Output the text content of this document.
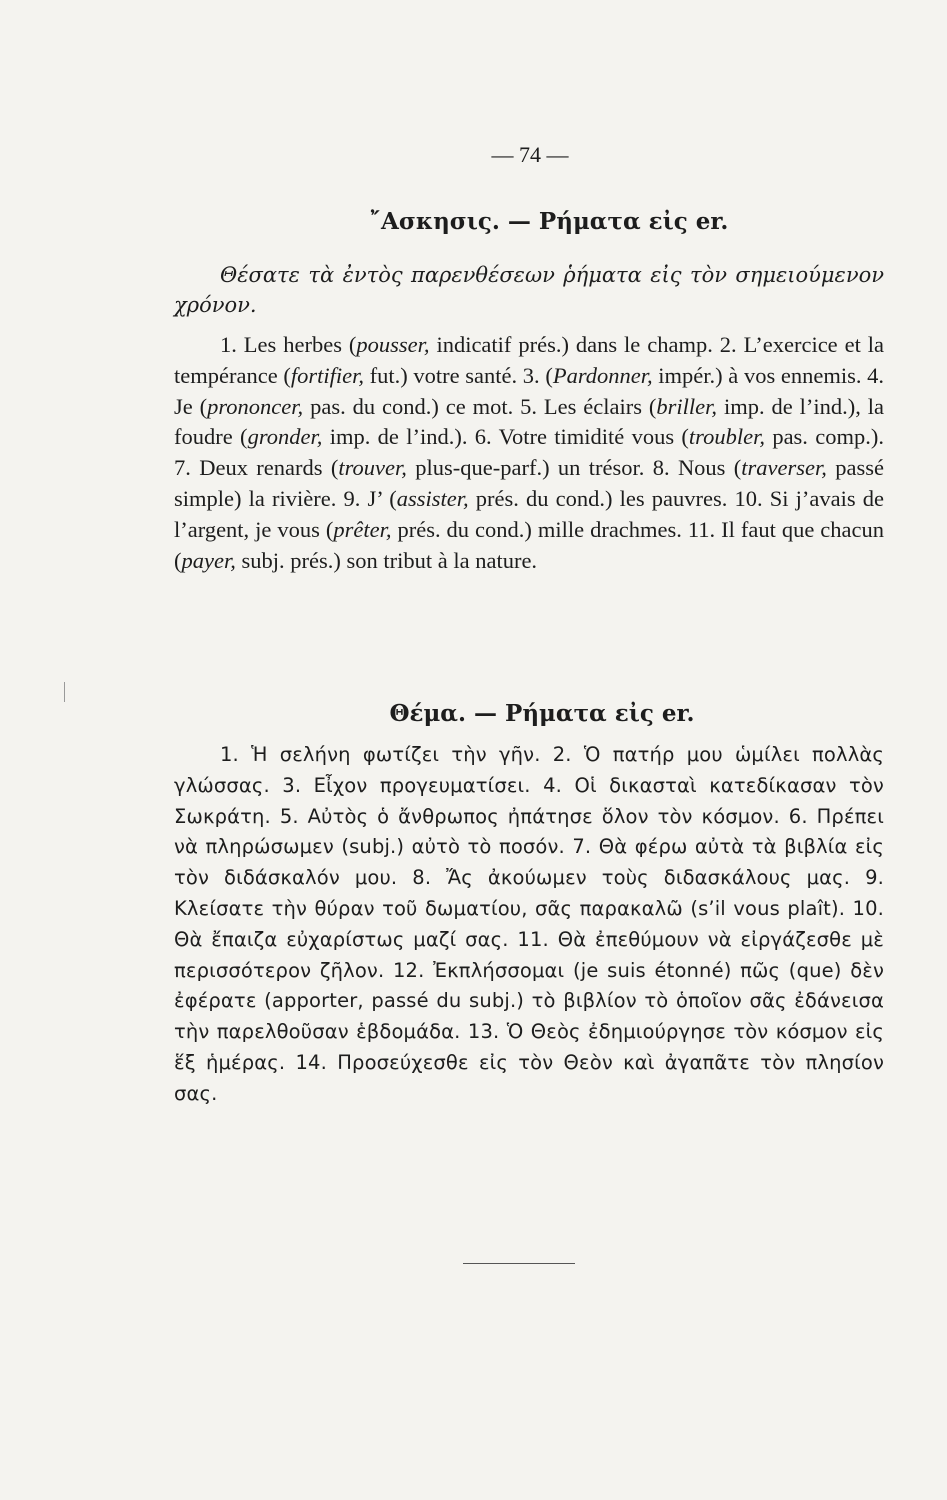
— 74 —
῎Ασκησις. — Ρήματα εἰς er.

Θέσατε τὰ ἐντὸς παρενθέσεων ῥήματα εἰς τὸν σημειούμενον χρόνον.

1. Les herbes (pousser, indicatif prés.) dans le champ. 2. L’exercice et la tempérance (fortifier, fut.) votre santé. 3. (Pardonner, impér.) à vos ennemis. 4. Je (prononcer, pas. du cond.) ce mot. 5. Les éclairs (briller, imp. de l’ind.), la foudre (gronder, imp. de l’ind.). 6. Votre timidité vous (troubler, pas. comp.). 7. Deux renards (trouver, plus-que-parf.) un trésor. 8. Nous (traverser, passé simple) la rivière. 9. J’ (assister, prés. du cond.) les pauvres. 10. Si j’avais de l’argent, je vous (prêter, prés. du cond.) mille drachmes. 11. Il faut que chacun (payer, subj. prés.) son tribut à la nature.

Θέμα. — Ρήματα εἰς er.

1. Ἡ σελήνη φωτίζει τὴν γῆν. 2. Ὁ πατήρ μου ὡμίλει πολλὰς γλώσσας. 3. Εἶχον προγευματίσει. 4. Οἱ δικασταὶ κατεδίκασαν τὸν Σωκράτη. 5. Αὐτὸς ὁ ἄνθρωπος ἠπάτησε ὅλον τὸν κόσμον. 6. Πρέπει νὰ πληρώσωμεν (subj.) αὐτὸ τὸ ποσόν. 7. Θὰ φέρω αὐτὰ τὰ βιβλία εἰς τὸν διδάσκαλόν μου. 8. Ἄς ἀκούωμεν τοὺς διδασκάλους μας. 9. Κλείσατε τὴν θύραν τοῦ δωματίου, σᾶς παρακαλῶ (s’il vous plaît). 10. Θὰ ἔπαιζα εὐχαρίστως μαζί σας. 11. Θὰ ἐπεθύμουν νὰ εἰργάζεσθε μὲ περισσότερον ζῆλον. 12. Ἐκπλήσσομαι (je suis étonné) πῶς (que) δὲν ἐφέρατε (apporter, passé du subj.) τὸ βιβλίον τὸ ὁποῖον σᾶς ἐδάνεισα τὴν παρελθοῦσαν ἑβδομάδα. 13. Ὁ Θεὸς ἐδημιούργησε τὸν κόσμον εἰς ἕξ ἡμέρας. 14. Προσεύχεσθε εἰς τὸν Θεὸν καὶ ἀγαπᾶτε τὸν πλησίον σας.
